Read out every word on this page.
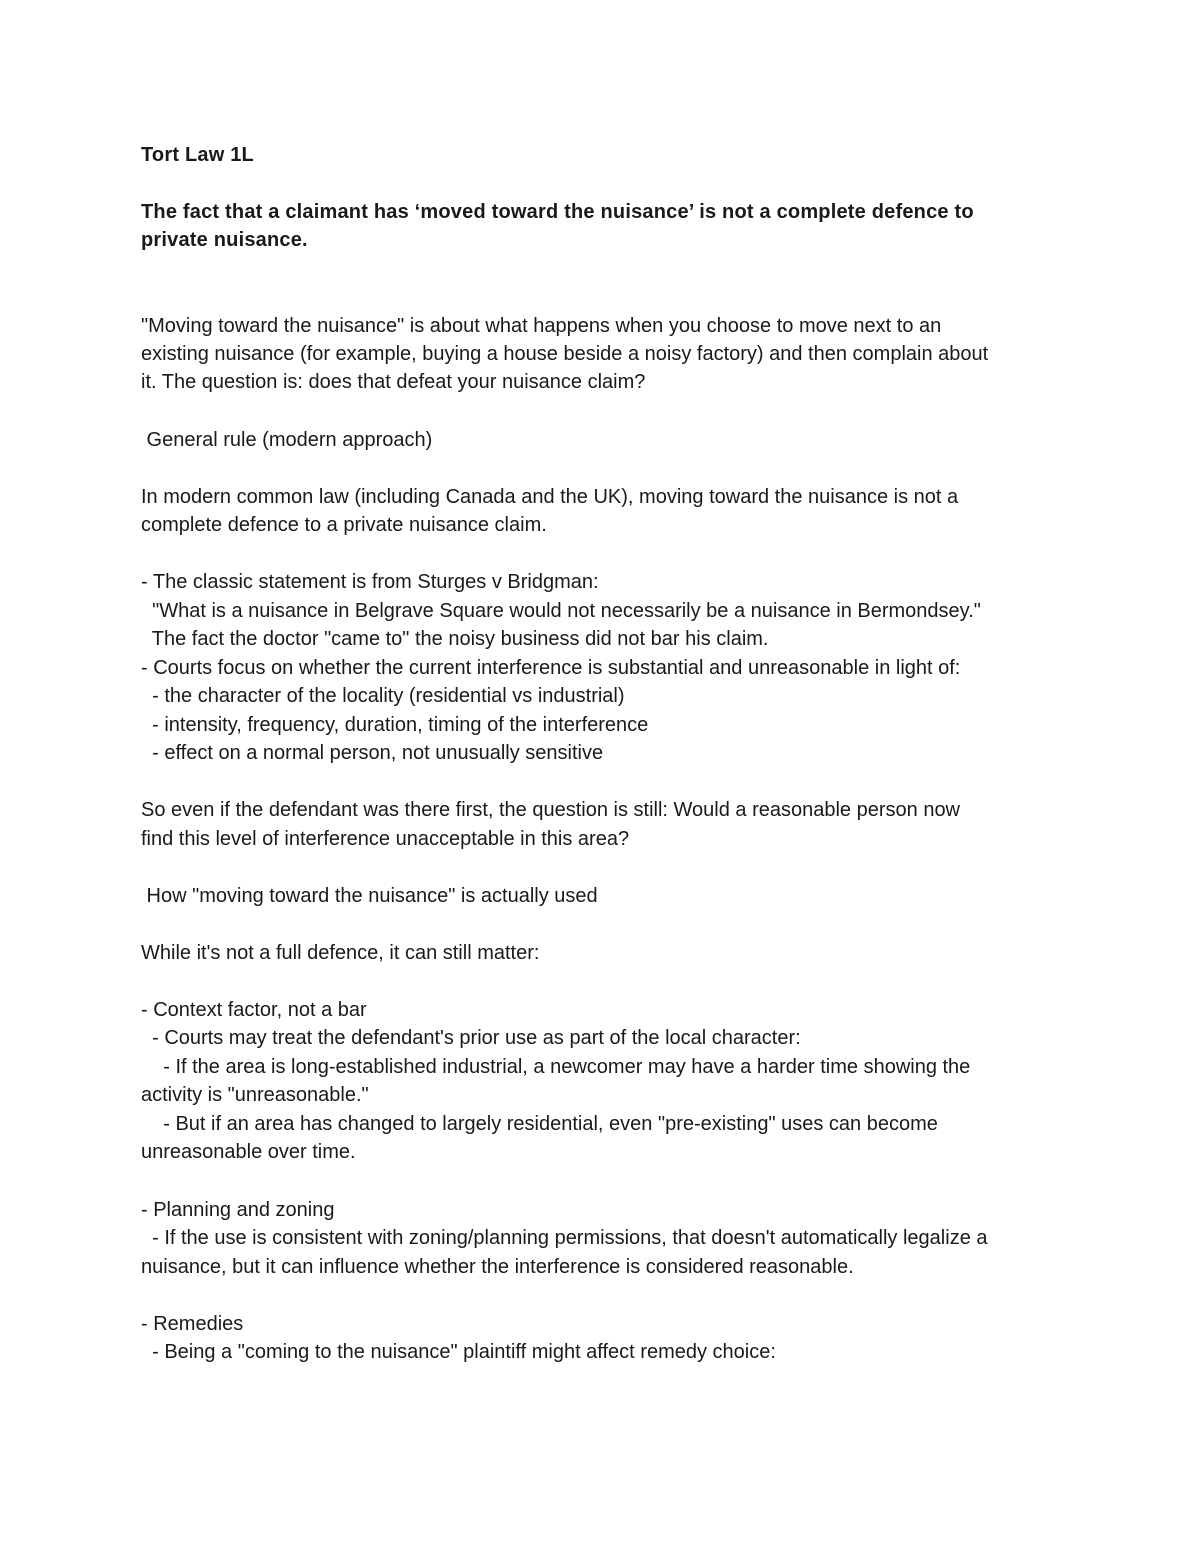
Tort Law 1L

The fact that a claimant has ‘moved toward the nuisance’ is not a complete defence to

private nuisance.

"Moving toward the nuisance" is about what happens when you choose to move next to an

existing nuisance (for example, buying a house beside a noisy factory) and then complain about

it. The question is: does that defeat your nuisance claim?

General rule (modern approach)

In modern common law (including Canada and the UK), moving toward the nuisance is not a

complete defence to a private nuisance claim.

- The classic statement is from Sturges v Bridgman:

"What is a nuisance in Belgrave Square would not necessarily be a nuisance in Bermondsey."

The fact the doctor "came to" the noisy business did not bar his claim.

- Courts focus on whether the current interference is substantial and unreasonable in light of:

- the character of the locality (residential vs industrial)

- intensity, frequency, duration, timing of the interference

- effect on a normal person, not unusually sensitive

So even if the defendant was there first, the question is still: Would a reasonable person now

find this level of interference unacceptable in this area?

How "moving toward the nuisance" is actually used

While it's not a full defence, it can still matter:

- Context factor, not a bar

- Courts may treat the defendant's prior use as part of the local character:

- If the area is long-established industrial, a newcomer may have a harder time showing the

activity is "unreasonable."

- But if an area has changed to largely residential, even "pre-existing" uses can become

unreasonable over time.

- Planning and zoning

- If the use is consistent with zoning/planning permissions, that doesn't automatically legalize a

nuisance, but it can influence whether the interference is considered reasonable.

- Remedies

- Being a "coming to the nuisance" plaintiff might affect remedy choice:
